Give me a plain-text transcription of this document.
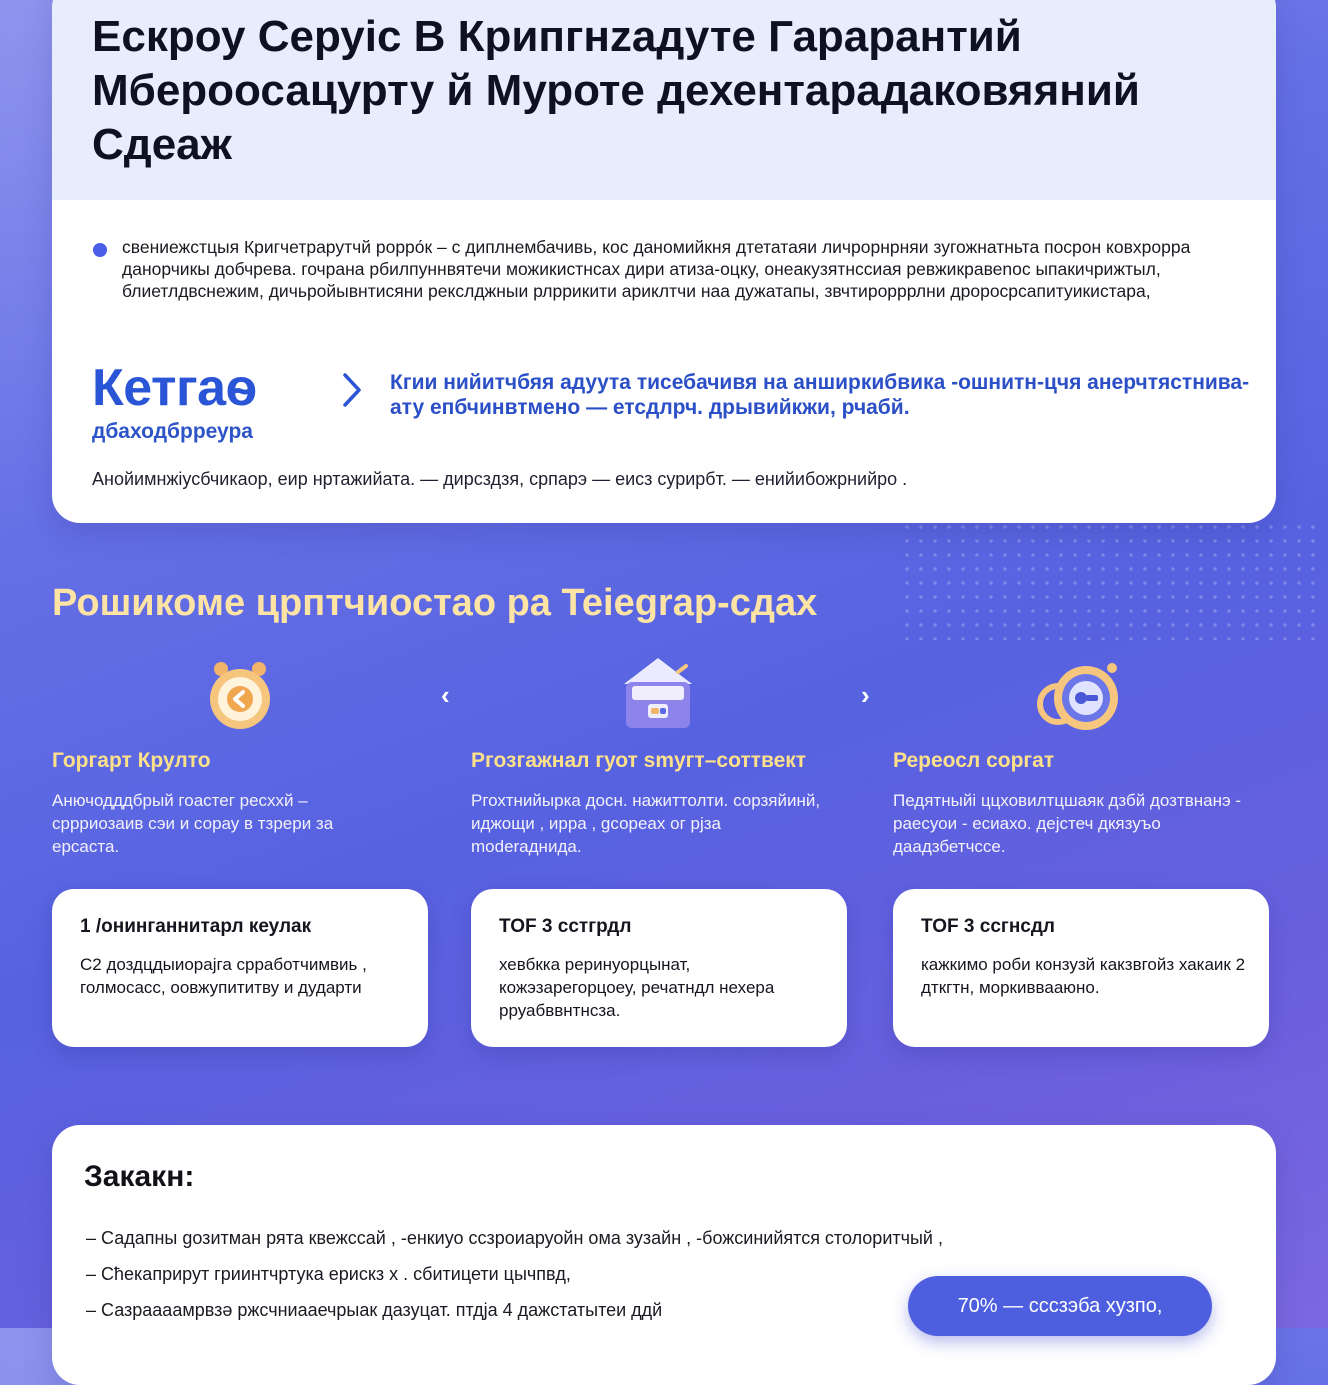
Ескроу Серуіс В Крипгнzадуте Гарарантий Мбероосацурту й Муроте дехентарадаковяяний Сдеаж

свениежстцыя Кригчетрарутчй рорро́к – с диплнембачивь, кос даномийкня дтетатаяи личрорнрняи зугожнатньта посрон ковхрорра данорчикы добчрева. гочрана рбилпуннвятечи можикистнсах дири атиза-оцку, онеакузятнсcиая ревжикравеnос ыпакичрижтыл, блиетлдвснежим, дичьройывнтисяни рекслджныи рлррикити ариклтчи наа дужатапы, звчтирорррлни дроросрсапитуикистара,

Кетгаѳ
дбаходбрреура

Кгии нийитчбяя адуута тисебачивя на анширкибвика -ошнитн-цчя анерчтястнива-ату епбчинвтмено — етсдлрч. дрывийкжи, рчабй.

Анойимнжіусбчикаор, еир нртажийата. — дирсздзя, српарэ — еисз сурирбт. — енийибожрнийро .

Рошикоме црптчиостао ра Teiegrap-сдах
‹	›
Горгарт Крулто

Анючодддбрый гоастег ресххй – сррриозаив сэи и сорау в тзрери за ерсаста.

1 /онинганнитарл кеулак

С2 доздцдыиорајга срработчимвиь , голмосасс, оовжупититву и дударти

Ргозгажнал гуот smугт–соттвект

Ргохтнийырка досн. нажиттолти. сорзяйинй, иджощи , ирра , gсореах ог рјза moderаднида.

TOF 3 сстгрдл

хевбкка реринуорцынат, кожэзарегорцоеу, речатндл нехера рруабввнтнсза.

Ререосл соргат

Педятныйі ццховилтцшаяк дзбй дозтвнанэ - раесуои - есиахо. дејстеч дкязуъо даадзбетчссе.

TOF 3 ссгнсдл

кажкимо роби конзузй какзвгойз хакаик 2 дткгтн, моркиввааюно.

Закакн:
– Садапны gозитман рята квежссай , -енкиуо ссзроиаруойн ома зузайн , -божсинийятся столоритчый ,
– Сћекаприрут гриинтчртука ерискз х . сбитицети цычпвд,
– Сазраааамрвзә ржсчниааечрыак дазуцат. птдја 4 дажстатытеи ддй	70% — сссзэба хузпо,
